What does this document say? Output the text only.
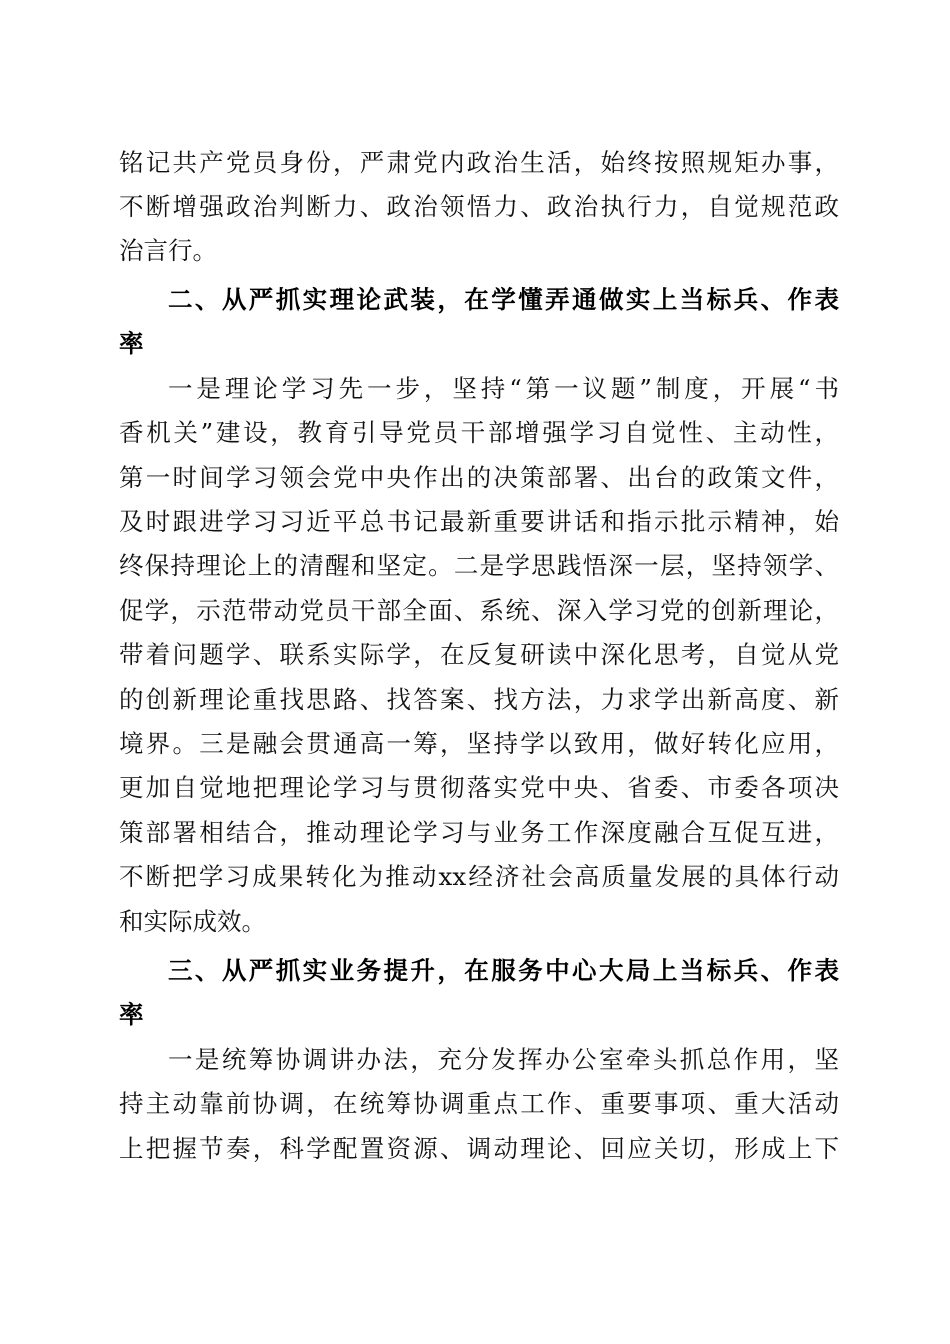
铭记共产党员身份，严肃党内政治生活，始终按照规矩办事，
不断增强政治判断力、政治领悟力、政治执行力，自觉规范政
治言行。
二、从严抓实理论武装，在学懂弄通做实上当标兵、作表
率
一是理论学习先一步，坚持“第一议题”制度，开展“书
香机关”建设，教育引导党员干部增强学习自觉性、主动性，
第一时间学习领会党中央作出的决策部署、出台的政策文件，
及时跟进学习习近平总书记最新重要讲话和指示批示精神，始
终保持理论上的清醒和坚定。二是学思践悟深一层，坚持领学、
促学，示范带动党员干部全面、系统、深入学习党的创新理论，
带着问题学、联系实际学，在反复研读中深化思考，自觉从党
的创新理论重找思路、找答案、找方法，力求学出新高度、新
境界。三是融会贯通高一筹，坚持学以致用，做好转化应用，
更加自觉地把理论学习与贯彻落实党中央、省委、市委各项决
策部署相结合，推动理论学习与业务工作深度融合互促互进，
不断把学习成果转化为推动xx经济社会高质量发展的具体行动
和实际成效。
三、从严抓实业务提升，在服务中心大局上当标兵、作表
率
一是统筹协调讲办法，充分发挥办公室牵头抓总作用，坚
持主动靠前协调，在统筹协调重点工作、重要事项、重大活动
上把握节奏，科学配置资源、调动理论、回应关切，形成上下
